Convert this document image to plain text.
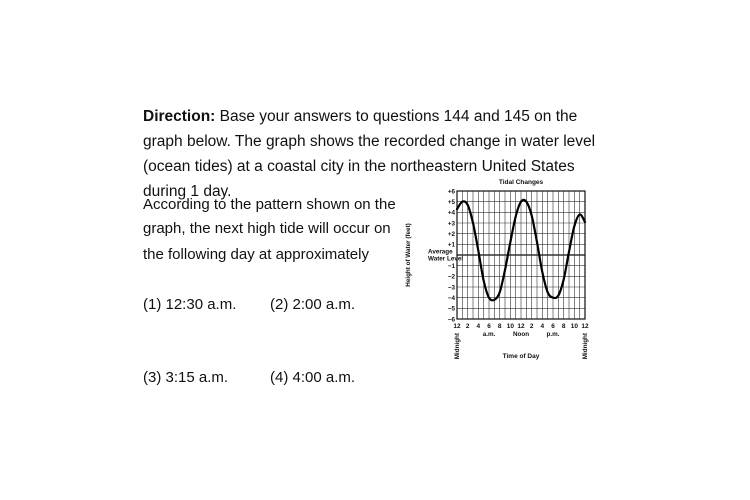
Direction: Base your answers to questions 144 and 145 on the graph below. The graph shows the recorded change in water level (ocean tides) at a coastal city in the northeastern United States during 1 day.
According to the pattern shown on the
graph, the next high tide will occur on
the following day at approximately
(1) 12:30 a.m. (2) 2:00 a.m.
(3) 3:15 a.m.	(4) 4:00 a.m.
Tidal Changes
+6
+5
+4
+3
+2
+1
−1
−2
−3
−4
−5
−6
Average
Water Level
Height of Water (feet)
12 2 4 6 8 10 12 2 4 6 8 10 12
a.m.	Noon	p.m.
Midnight	Midnight
Time of Day
